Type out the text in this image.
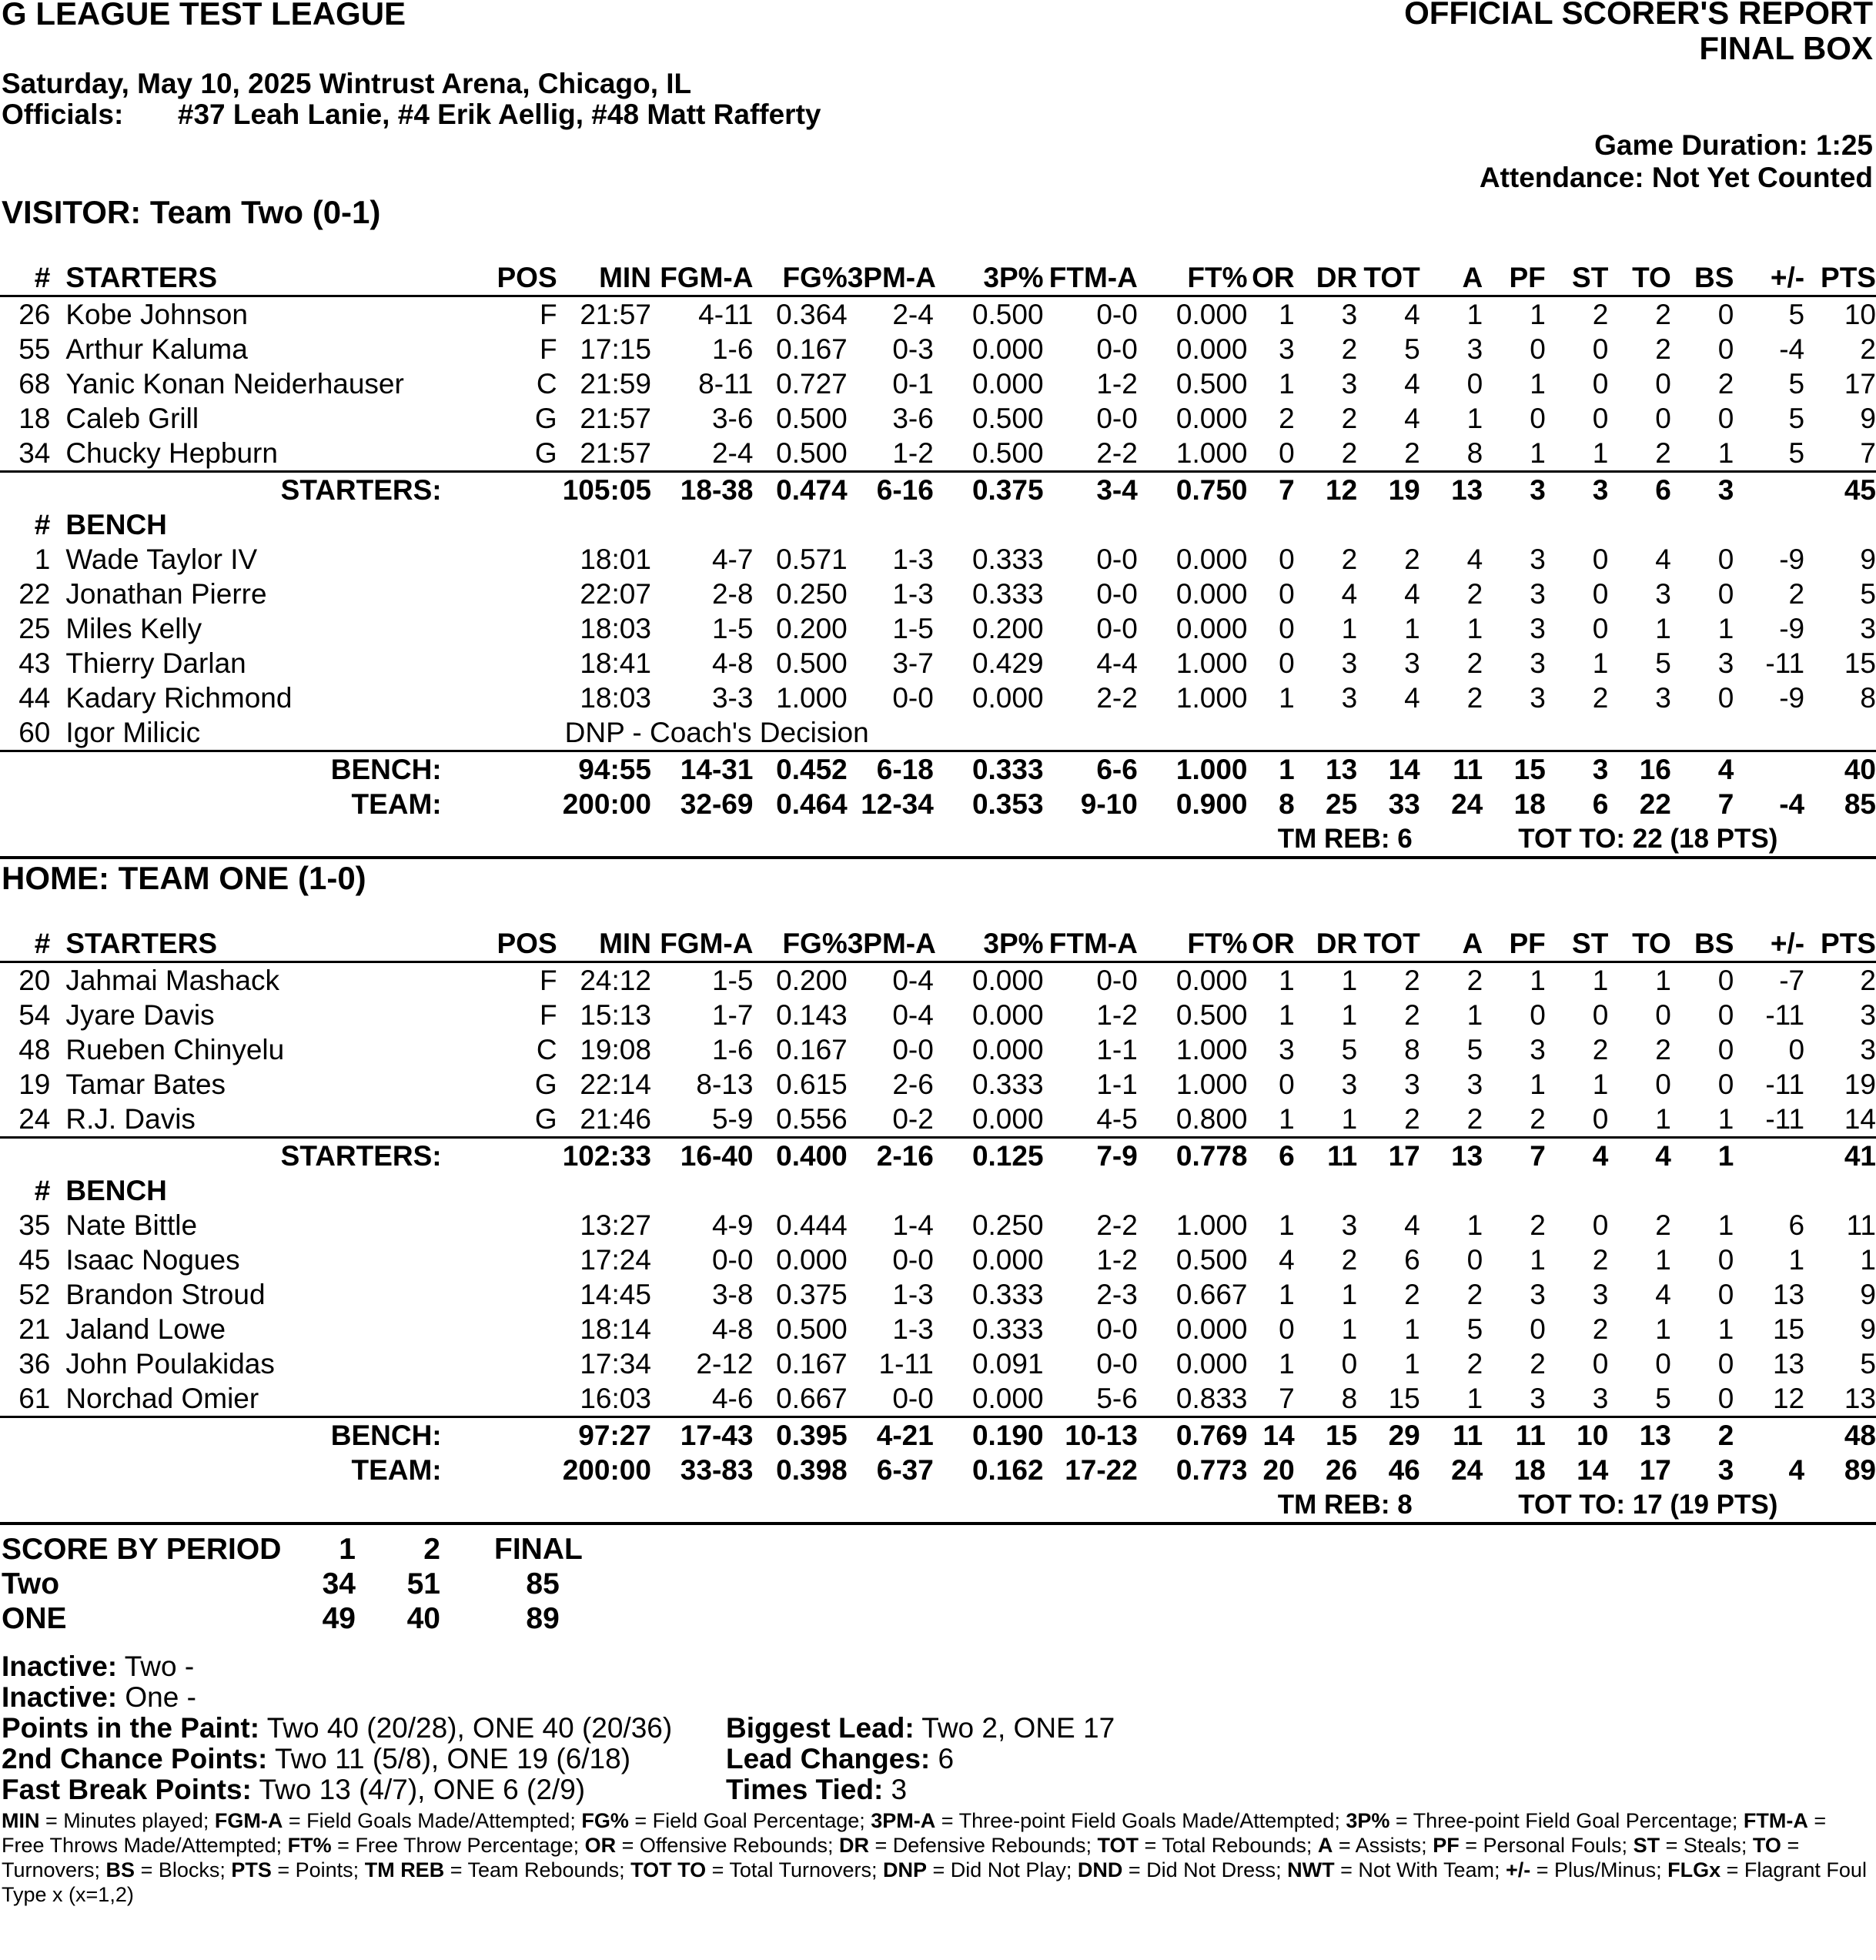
G LEAGUE TEST LEAGUE	OFFICIAL SCORER'S REPORT
FINAL BOX
Saturday, May 10, 2025 Wintrust Arena, Chicago, IL
Officials: #37 Leah Lanie, #4 Erik Aellig, #48 Matt Rafferty
Game Duration: 1:25
Attendance: Not Yet Counted
VISITOR: Team Two (0-1)
#	STARTERS	POS	MIN	FGM-A	FG%	3PM-A	3P%	FTM-A	FT%	OR	DR	TOT	A	PF	ST	TO	BS	+/-	PTS
26	Kobe Johnson	F	21:57	4-11	0.364	2-4	0.500	0-0	0.000	1	3	4	1	1	2	2	0	5	10
55	Arthur Kaluma	F	17:15	1-6	0.167	0-3	0.000	0-0	0.000	3	2	5	3	0	0	2	0	-4	2
68	Yanic Konan Neiderhauser	C	21:59	8-11	0.727	0-1	0.000	1-2	0.500	1	3	4	0	1	0	0	2	5	17
18	Caleb Grill	G	21:57	3-6	0.500	3-6	0.500	0-0	0.000	2	2	4	1	0	0	0	0	5	9
34	Chucky Hepburn	G	21:57	2-4	0.500	1-2	0.500	2-2	1.000	0	2	2	8	1	1	2	1	5	7
STARTERS:			105:05	18-38	0.474	6-16	0.375	3-4	0.750	7	12	19	13	3	3	6	3		45
#	BENCH																		
1	Wade Taylor IV		18:01	4-7	0.571	1-3	0.333	0-0	0.000	0	2	2	4	3	0	4	0	-9	9
22	Jonathan Pierre		22:07	2-8	0.250	1-3	0.333	0-0	0.000	0	4	4	2	3	0	3	0	2	5
25	Miles Kelly		18:03	1-5	0.200	1-5	0.200	0-0	0.000	0	1	1	1	3	0	1	1	-9	3
43	Thierry Darlan		18:41	4-8	0.500	3-7	0.429	4-4	1.000	0	3	3	2	3	1	5	3	-11	15
44	Kadary Richmond		18:03	3-3	1.000	0-0	0.000	2-2	1.000	1	3	4	2	3	2	3	0	-9	8
60	Igor Milicic		DNP - Coach's Decision																
BENCH:			94:55	14-31	0.452	6-18	0.333	6-6	1.000	1	13	14	11	15	3	16	4		40
TEAM:			200:00	32-69	0.464	12-34	0.353	9-10	0.900	8	25	33	24	18	6	22	7	-4	85
										TM REB: 6			TOT TO: 22 (18 PTS)						
HOME: TEAM ONE (1-0)
#	STARTERS	POS	MIN	FGM-A	FG%	3PM-A	3P%	FTM-A	FT%	OR	DR	TOT	A	PF	ST	TO	BS	+/-	PTS
20	Jahmai Mashack	F	24:12	1-5	0.200	0-4	0.000	0-0	0.000	1	1	2	2	1	1	1	0	-7	2
54	Jyare Davis	F	15:13	1-7	0.143	0-4	0.000	1-2	0.500	1	1	2	1	0	0	0	0	-11	3
48	Rueben Chinyelu	C	19:08	1-6	0.167	0-0	0.000	1-1	1.000	3	5	8	5	3	2	2	0	0	3
19	Tamar Bates	G	22:14	8-13	0.615	2-6	0.333	1-1	1.000	0	3	3	3	1	1	0	0	-11	19
24	R.J. Davis	G	21:46	5-9	0.556	0-2	0.000	4-5	0.800	1	1	2	2	2	0	1	1	-11	14
STARTERS:			102:33	16-40	0.400	2-16	0.125	7-9	0.778	6	11	17	13	7	4	4	1		41
#	BENCH																		
35	Nate Bittle		13:27	4-9	0.444	1-4	0.250	2-2	1.000	1	3	4	1	2	0	2	1	6	11
45	Isaac Nogues		17:24	0-0	0.000	0-0	0.000	1-2	0.500	4	2	6	0	1	2	1	0	1	1
52	Brandon Stroud		14:45	3-8	0.375	1-3	0.333	2-3	0.667	1	1	2	2	3	3	4	0	13	9
21	Jaland Lowe		18:14	4-8	0.500	1-3	0.333	0-0	0.000	0	1	1	5	0	2	1	1	15	9
36	John Poulakidas		17:34	2-12	0.167	1-11	0.091	0-0	0.000	1	0	1	2	2	0	0	0	13	5
61	Norchad Omier		16:03	4-6	0.667	0-0	0.000	5-6	0.833	7	8	15	1	3	3	5	0	12	13
BENCH:			97:27	17-43	0.395	4-21	0.190	10-13	0.769	14	15	29	11	11	10	13	2		48
TEAM:			200:00	33-83	0.398	6-37	0.162	17-22	0.773	20	26	46	24	18	14	17	3	4	89
										TM REB: 8			TOT TO: 17 (19 PTS)						
SCORE BY PERIOD	1	2	FINAL
Two	34	51	85
ONE	49	40	89
Inactive: Two -
Inactive: One -
Points in the Paint: Two 40 (20/28), ONE 40 (20/36)
2nd Chance Points: Two 11 (5/8), ONE 19 (6/18)
Fast Break Points: Two 13 (4/7), ONE 6 (2/9)
Biggest Lead: Two 2, ONE 17
Lead Changes: 6
Times Tied: 3
MIN = Minutes played; FGM-A = Field Goals Made/Attempted; FG% = Field Goal Percentage; 3PM-A = Three-point Field Goals Made/Attempted; 3P% = Three-point Field Goal Percentage; FTM-A = Free Throws Made/Attempted; FT% = Free Throw Percentage; OR = Offensive Rebounds; DR = Defensive Rebounds; TOT = Total Rebounds; A = Assists; PF = Personal Fouls; ST = Steals; TO = Turnovers; BS = Blocks; PTS = Points; TM REB = Team Rebounds; TOT TO = Total Turnovers; DNP = Did Not Play; DND = Did Not Dress; NWT = Not With Team; +/- = Plus/Minus; FLGx = Flagrant Foul Type x (x=1,2)
